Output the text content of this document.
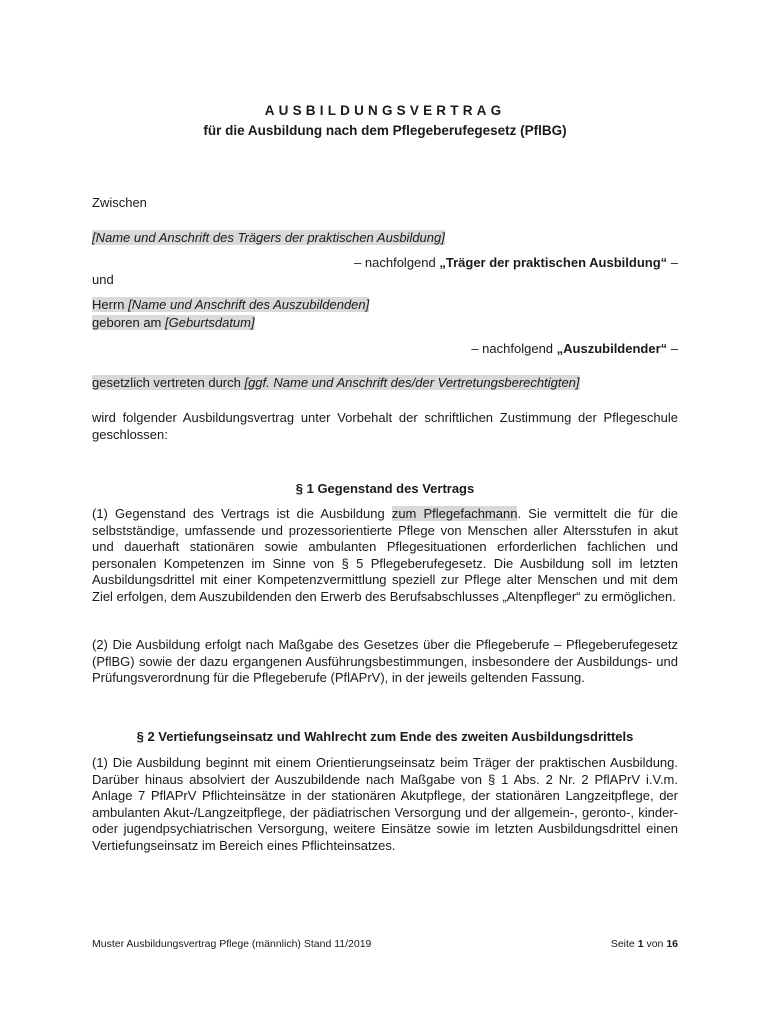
AUSBILDUNGSVERTRAG
für die Ausbildung nach dem Pflegeberufegesetz (PflBG)
Zwischen
[Name und Anschrift des Trägers der praktischen Ausbildung]
– nachfolgend „Träger der praktischen Ausbildung“ –
und
Herrn [Name und Anschrift des Auszubildenden]
geboren am [Geburtsdatum]
– nachfolgend „Auszubildender“ –
gesetzlich vertreten durch [ggf. Name und Anschrift des/der Vertretungsberechtigten]
wird folgender Ausbildungsvertrag unter Vorbehalt der schriftlichen Zustimmung der Pflegeschule geschlossen:
§ 1 Gegenstand des Vertrags
(1) Gegenstand des Vertrags ist die Ausbildung zum Pflegefachmann. Sie vermittelt die für die selbstständige, umfassende und prozessorientierte Pflege von Menschen aller Altersstufen in akut und dauerhaft stationären sowie ambulanten Pflegesituationen erforderlichen fachlichen und personalen Kompetenzen im Sinne von § 5 Pflegeberufegesetz. Die Ausbildung soll im letzten Ausbildungsdrittel mit einer Kompetenzvermittlung speziell zur Pflege alter Menschen und mit dem Ziel erfolgen, dem Auszubildenden den Erwerb des Berufsabschlusses „Altenpfleger“ zu ermöglichen.
(2) Die Ausbildung erfolgt nach Maßgabe des Gesetzes über die Pflegeberufe – Pflegeberufegesetz (PflBG) sowie der dazu ergangenen Ausführungsbestimmungen, insbesondere der Ausbildungs- und Prüfungsverordnung für die Pflegeberufe (PflAPrV), in der jeweils geltenden Fassung.
§ 2 Vertiefungseinsatz und Wahlrecht zum Ende des zweiten Ausbildungsdrittels
(1) Die Ausbildung beginnt mit einem Orientierungseinsatz beim Träger der praktischen Ausbildung. Darüber hinaus absolviert der Auszubildende nach Maßgabe von § 1 Abs. 2 Nr. 2 PflAPrV i.V.m. Anlage 7 PflAPrV Pflichteinsätze in der stationären Akutpflege, der stationären Langzeitpflege, der ambulanten Akut-/Langzeitpflege, der pädiatrischen Versorgung und der allgemein-, geronto-, kinder- oder jugendpsychiatrischen Versorgung, weitere Einsätze sowie im letzten Ausbildungsdrittel einen Vertiefungseinsatz im Bereich eines Pflichteinsatzes.
Muster Ausbildungsvertrag Pflege (männlich) Stand 11/2019	Seite 1 von 16
